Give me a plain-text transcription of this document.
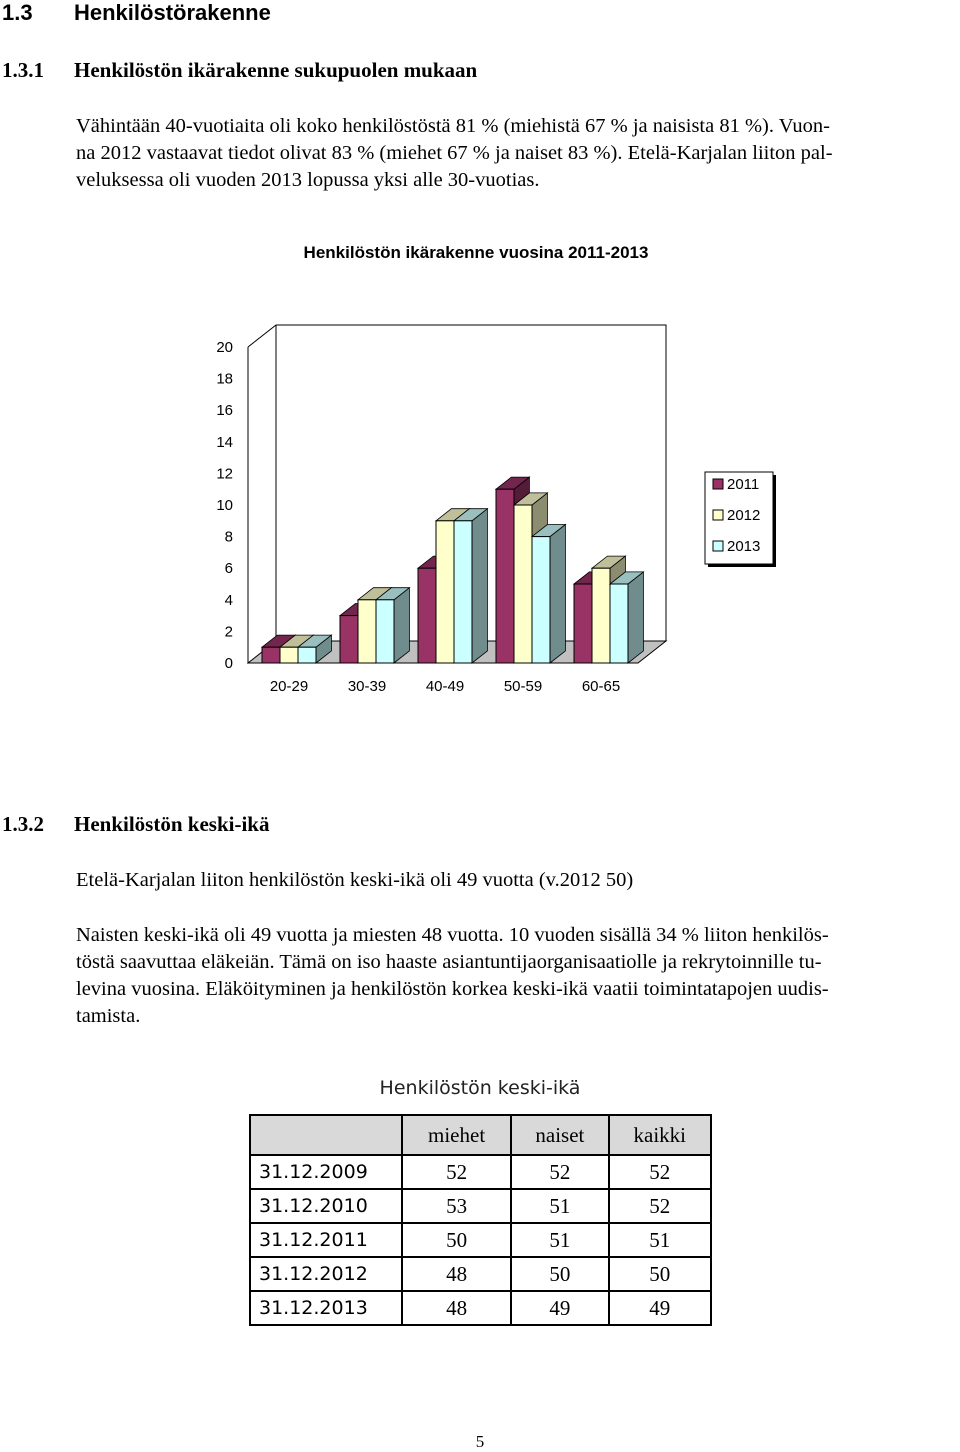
1.3 Henkilöstörakenne
1.3.1 Henkilöstön ikärakenne sukupuolen mukaan
Vähintään 40-vuotiaita oli koko henkilöstöstä 81 % (miehistä 67 % ja naisista 81 %). Vuon-
na 2012 vastaavat tiedot olivat 83 % (miehet 67 % ja naiset 83 %). Etelä-Karjalan liiton pal-
veluksessa oli vuoden 2013 lopussa yksi alle 30-vuotias.
Henkilöstön ikärakenne vuosina 2011-2013
0
2
4
6
8
10
12
14
16
18
20
20-29	30-39	40-49	50-59	60-65
2011
2012
2013
1.3.2 Henkilöstön keski-ikä
Etelä-Karjalan liiton henkilöstön keski-ikä oli 49 vuotta (v.2012 50)
Naisten keski-ikä oli 49 vuotta ja miesten 48 vuotta. 10 vuoden sisällä 34 % liiton henkilös-
töstä saavuttaa eläkeiän. Tämä on iso haaste asiantuntijaorganisaatiolle ja rekrytoinnille tu-
levina vuosina. Eläköityminen ja henkilöstön korkea keski-ikä vaatii toimintatapojen uudis-
tamista.
Henkilöstön keski-ikä
	miehet	naiset	kaikki
31.12.2009	52	52	52
31.12.2010	53	51	52
31.12.2011	50	51	51
31.12.2012	48	50	50
31.12.2013	48	49	49
5
